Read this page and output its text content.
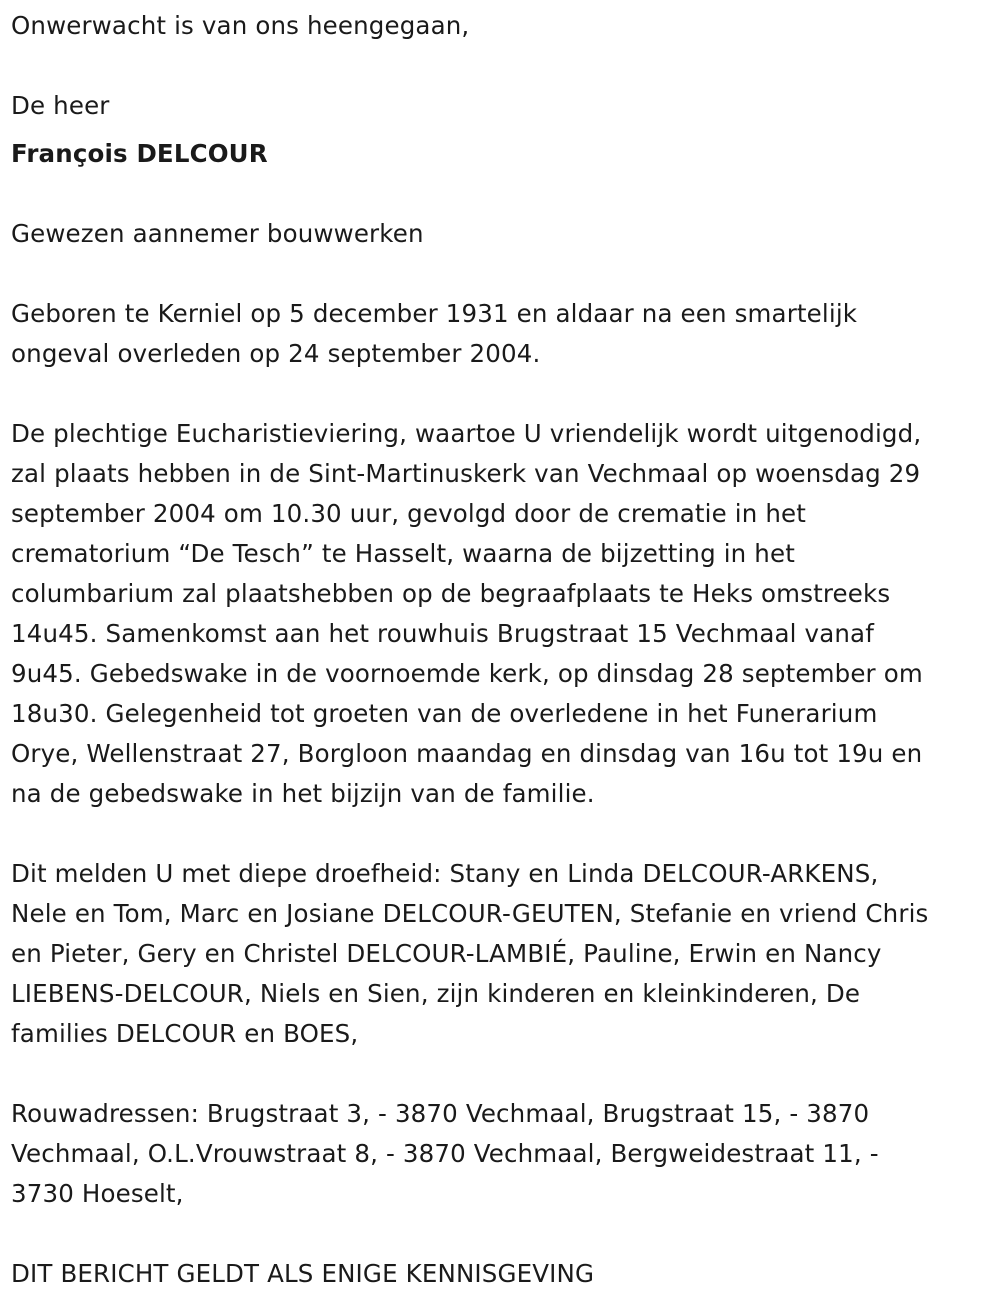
Onwerwacht is van ons heengegaan,

De heer

François DELCOUR

Gewezen aannemer bouwwerken

Geboren te Kerniel op 5 december 1931 en aldaar na een smartelijk

ongeval overleden op 24 september 2004.

De plechtige Eucharistieviering, waartoe U vriendelijk wordt uitgenodigd,

zal plaats hebben in de Sint-Martinuskerk van Vechmaal op woensdag 29

september 2004 om 10.30 uur, gevolgd door de crematie in het

crematorium “De Tesch” te Hasselt, waarna de bijzetting in het

columbarium zal plaatshebben op de begraafplaats te Heks omstreeks

14u45. Samenkomst aan het rouwhuis Brugstraat 15 Vechmaal vanaf

9u45. Gebedswake in de voornoemde kerk, op dinsdag 28 september om

18u30. Gelegenheid tot groeten van de overledene in het Funerarium

Orye, Wellenstraat 27, Borgloon maandag en dinsdag van 16u tot 19u en

na de gebedswake in het bijzijn van de familie.

Dit melden U met diepe droefheid: Stany en Linda DELCOUR-ARKENS,

Nele en Tom, Marc en Josiane DELCOUR-GEUTEN, Stefanie en vriend Chris

en Pieter, Gery en Christel DELCOUR-LAMBIÉ, Pauline, Erwin en Nancy

LIEBENS-DELCOUR, Niels en Sien, zijn kinderen en kleinkinderen, De

families DELCOUR en BOES,

Rouwadressen: Brugstraat 3, - 3870 Vechmaal, Brugstraat 15, - 3870

Vechmaal, O.L.Vrouwstraat 8, - 3870 Vechmaal, Bergweidestraat 11, -

3730 Hoeselt,

DIT BERICHT GELDT ALS ENIGE KENNISGEVING
